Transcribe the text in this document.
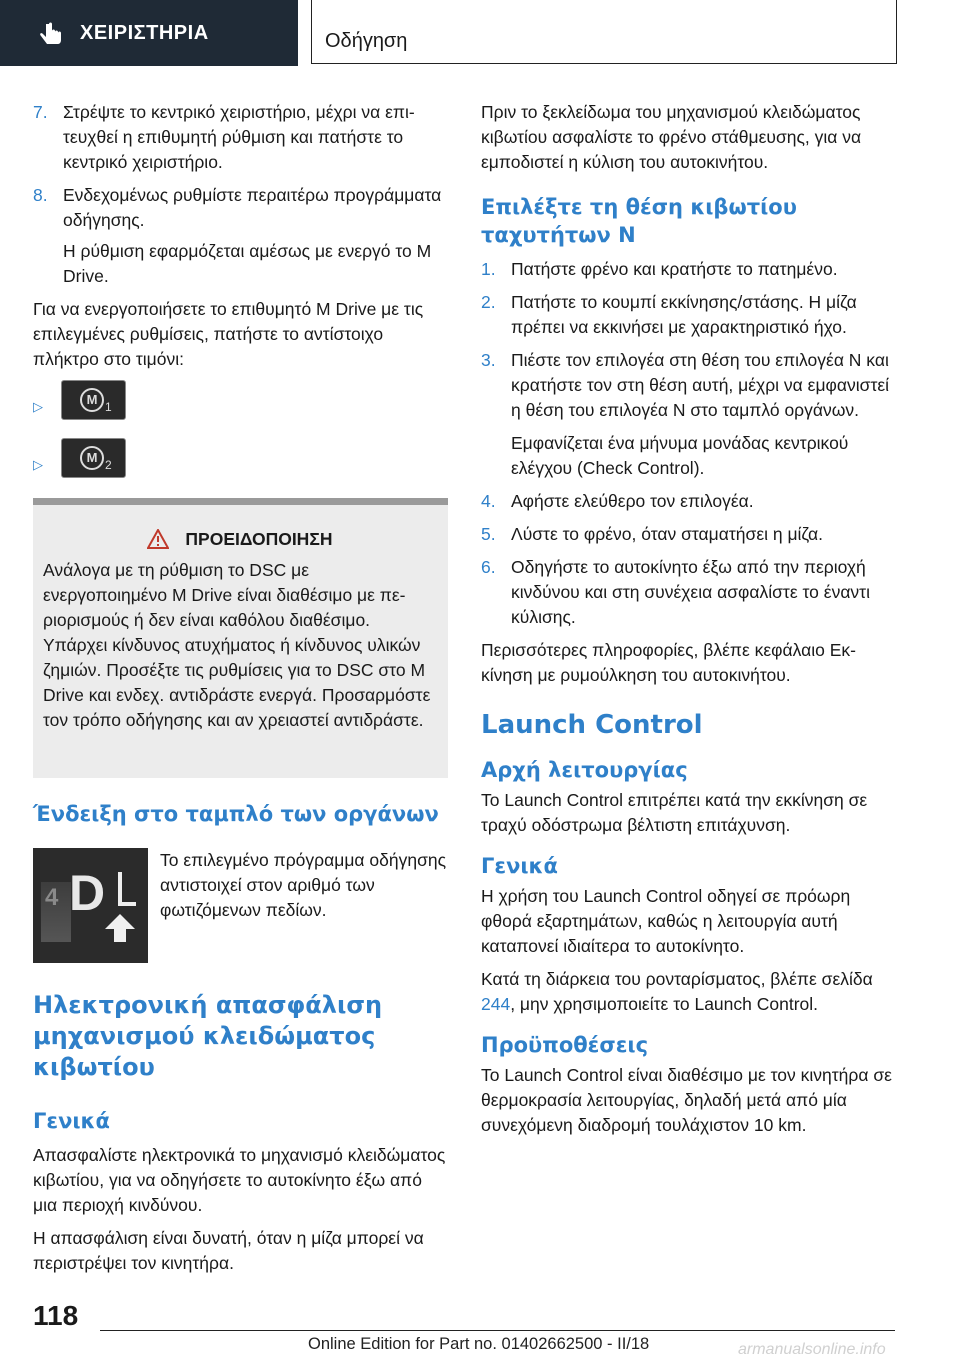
ΧΕΙΡΙΣΤΗΡΙΑ	Οδήγηση
7. Στρέψτε το κεντρικό χειριστήριο, μέχρι να επιτευχθεί η επιθυμητή ρύθμιση και πατήστε το κεντρικό χειριστήριο.
8. Ενδεχομένως ρυθμίστε περαιτέρω προγράμματα οδήγησης.

Η ρύθμιση εφαρμόζεται αμέσως με ενεργό το M Drive.

Για να ενεργοποιήσετε το επιθυμητό M Drive με τις επιλεγμένες ρυθμίσεις, πατήστε το αντίστοιχο πλήκτρο στο τιμόνι:

▷	M 1
▷	M 2
ΠΡΟΕΙΔΟΠΟΙΗΣΗ
Ανάλογα με τη ρύθμιση το DSC με ενεργοποιημένο M Drive είναι διαθέσιμο με περιορισμούς ή δεν είναι καθόλου διαθέσιμο. Υπάρχει κίνδυνος ατυχήματος ή κίνδυνος υλικών ζημιών. Προσέξτε τις ρυθμίσεις για το DSC στο M Drive και ενδεχ. αντιδράστε ενεργά. Προσαρμόστε τον τρόπο οδήγησης και αν χρειαστεί αντιδράστε.
Ένδειξη στο ταμπλό των οργάνων
4 D

Το επιλεγμένο πρόγραμμα οδήγησης αντιστοιχεί στον αριθμό των φωτιζόμενων πεδίων.

Ηλεκτρονική απασφάλιση μηχανισμού κλειδώματος κιβωτίου
Γενικά

Απασφαλίστε ηλεκτρονικά το μηχανισμό κλειδώματος κιβωτίου, για να οδηγήσετε το αυτοκίνητο έξω από μια περιοχή κινδύνου.

Η απασφάλιση είναι δυνατή, όταν η μίζα μπορεί να περιστρέψει τον κινητήρα.

Πριν το ξεκλείδωμα του μηχανισμού κλειδώματος κιβωτίου ασφαλίστε το φρένο στάθμευσης, για να εμποδιστεί η κύλιση του αυτοκινήτου.

Επιλέξτε τη θέση κιβωτίου ταχυτήτων N
1. Πατήστε φρένο και κρατήστε το πατημένο.
2. Πατήστε το κουμπί εκκίνησης/στάσης. Η μίζα πρέπει να εκκινήσει με χαρακτηριστικό ήχο.
3. Πιέστε τον επιλογέα στη θέση του επιλογέα N και κρατήστε τον στη θέση αυτή, μέχρι να εμφανιστεί η θέση του επιλογέα N στο ταμπλό οργάνων.

Εμφανίζεται ένα μήνυμα μονάδας κεντρικού ελέγχου (Check Control).

4. Αφήστε ελεύθερο τον επιλογέα.
5. Λύστε το φρένο, όταν σταματήσει η μίζα.
6. Οδηγήστε το αυτοκίνητο έξω από την περιοχή κινδύνου και στη συνέχεια ασφαλίστε το έναντι κύλισης.

Περισσότερες πληροφορίες, βλέπε κεφάλαιο Εκκίνηση με ρυμούλκηση του αυτοκινήτου.

Launch Control
Αρχή λειτουργίας

Το Launch Control επιτρέπει κατά την εκκίνηση σε τραχύ οδόστρωμα βέλτιστη επιτάχυνση.

Γενικά

Η χρήση του Launch Control οδηγεί σε πρόωρη φθορά εξαρτημάτων, καθώς η λειτουργία αυτή καταπονεί ιδιαίτερα το αυτοκίνητο.

Κατά τη διάρκεια του ρονταρίσματος, βλέπε σελίδα 244, μην χρησιμοποιείτε το Launch Control.

Προϋποθέσεις

Το Launch Control είναι διαθέσιμο με τον κινητήρα σε θερμοκρασία λειτουργίας, δηλαδή μετά από μία συνεχόμενη διαδρομή τουλάχιστον 10 km.

118
Online Edition for Part no. 01402662500 - II/18	armanualsonline.info
